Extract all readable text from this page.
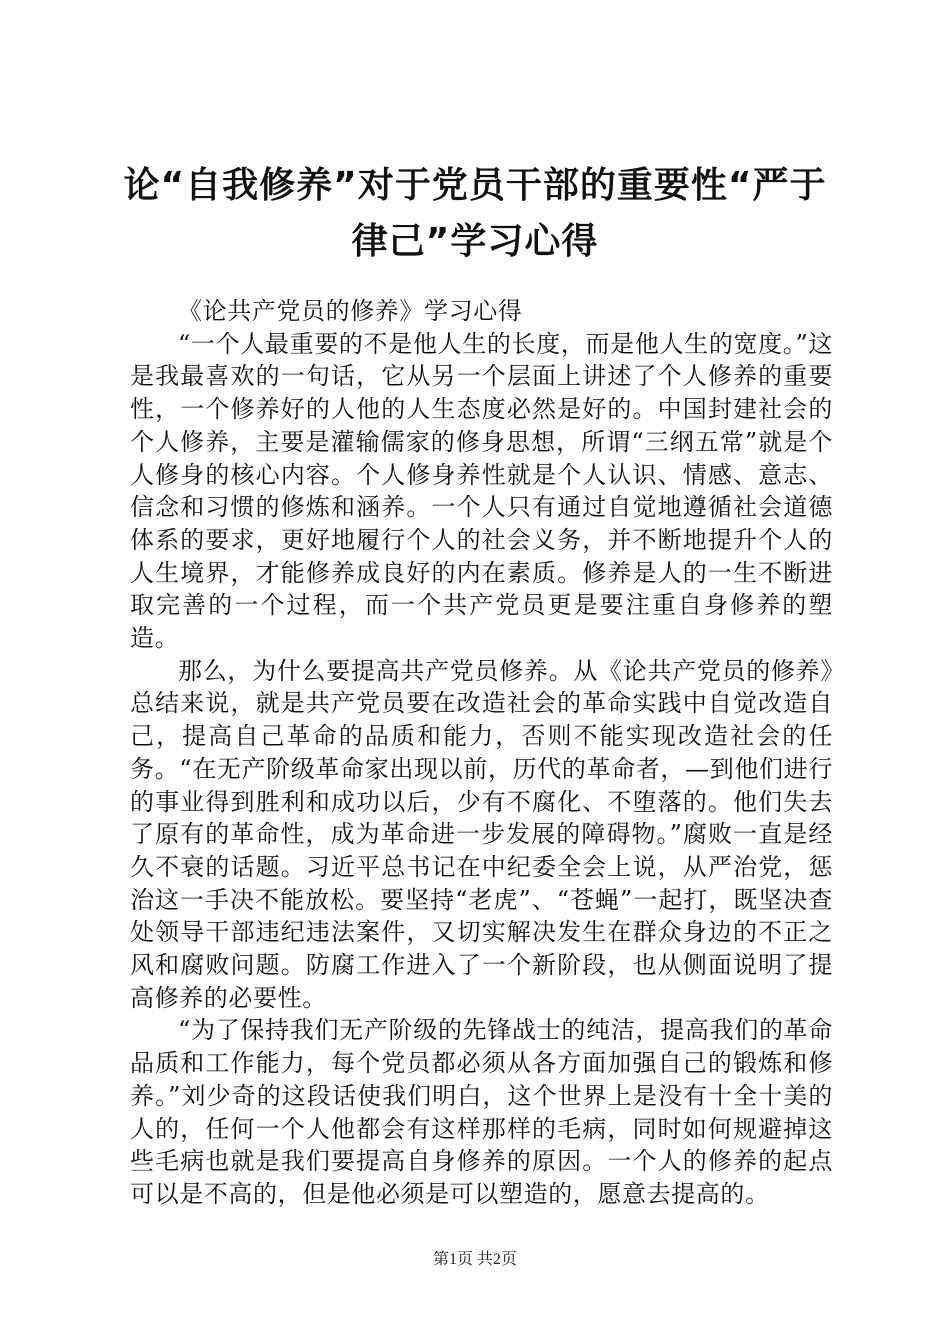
论“自我修养”对于党员干部的重要性“严于
律己”学习心得

《论共产党员的修养》学习心得

“一个人最重要的不是他人生的长度，而是他人生的宽度。”这是我最喜欢的一句话，它从另一个层面上讲述了个人修养的重要性，一个修养好的人他的人生态度必然是好的。中国封建社会的个人修养，主要是灌输儒家的修身思想，所谓“三纲五常”就是个人修身的核心内容。个人修身养性就是个人认识、情感、意志、信念和习惯的修炼和涵养。一个人只有通过自觉地遵循社会道德体系的要求，更好地履行个人的社会义务，并不断地提升个人的人生境界，才能修养成良好的内在素质。修养是人的一生不断进取完善的一个过程，而一个共产党员更是要注重自身修养的塑造。

那么，为什么要提高共产党员修养。从《论共产党员的修养》总结来说，就是共产党员要在改造社会的革命实践中自觉改造自己，提高自己革命的品质和能力，否则不能实现改造社会的任务。“在无产阶级革命家出现以前，历代的革命者，—到他们进行的事业得到胜利和成功以后，少有不腐化、不堕落的。他们失去了原有的革命性，成为革命进一步发展的障碍物。”腐败一直是经久不衰的话题。习近平总书记在中纪委全会上说，从严治党，惩治这一手决不能放松。要坚持“老虎”、“苍蝇”一起打，既坚决查处领导干部违纪违法案件，又切实解决发生在群众身边的不正之风和腐败问题。防腐工作进入了一个新阶段，也从侧面说明了提高修养的必要性。

“为了保持我们无产阶级的先锋战士的纯洁，提高我们的革命品质和工作能力，每个党员都必须从各方面加强自己的锻炼和修养。”刘少奇的这段话使我们明白，这个世界上是没有十全十美的人的，任何一个人他都会有这样那样的毛病，同时如何规避掉这些毛病也就是我们要提高自身修养的原因。一个人的修养的起点可以是不高的，但是他必须是可以塑造的，愿意去提高的。

第1页 共2页
